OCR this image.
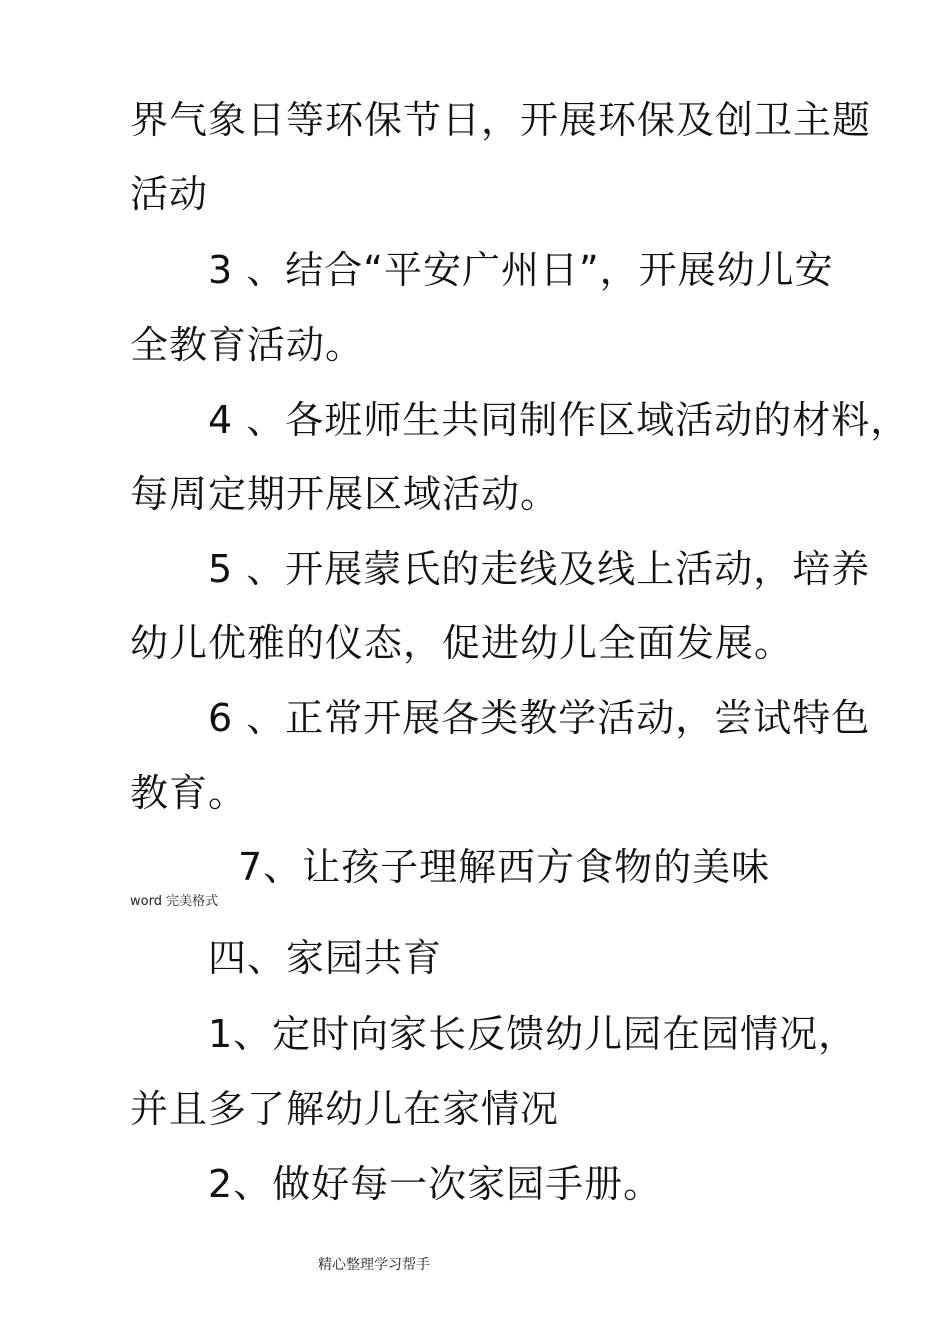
界气象日等环保节日，开展环保及创卫主题
活动
3 、结合“平安广州日”，开展幼儿安
全教育活动。
4 、各班师生共同制作区域活动的材料，
每周定期开展区域活动。
5 、开展蒙氏的走线及线上活动，培养
幼儿优雅的仪态，促进幼儿全面发展。
6 、正常开展各类教学活动，尝试特色
教育。
7、让孩子理解西方食物的美味
word 完美格式
四、家园共育
1、定时向家长反馈幼儿园在园情况，
并且多了解幼儿在家情况
2、做好每一次家园手册。
精心整理学习帮手
